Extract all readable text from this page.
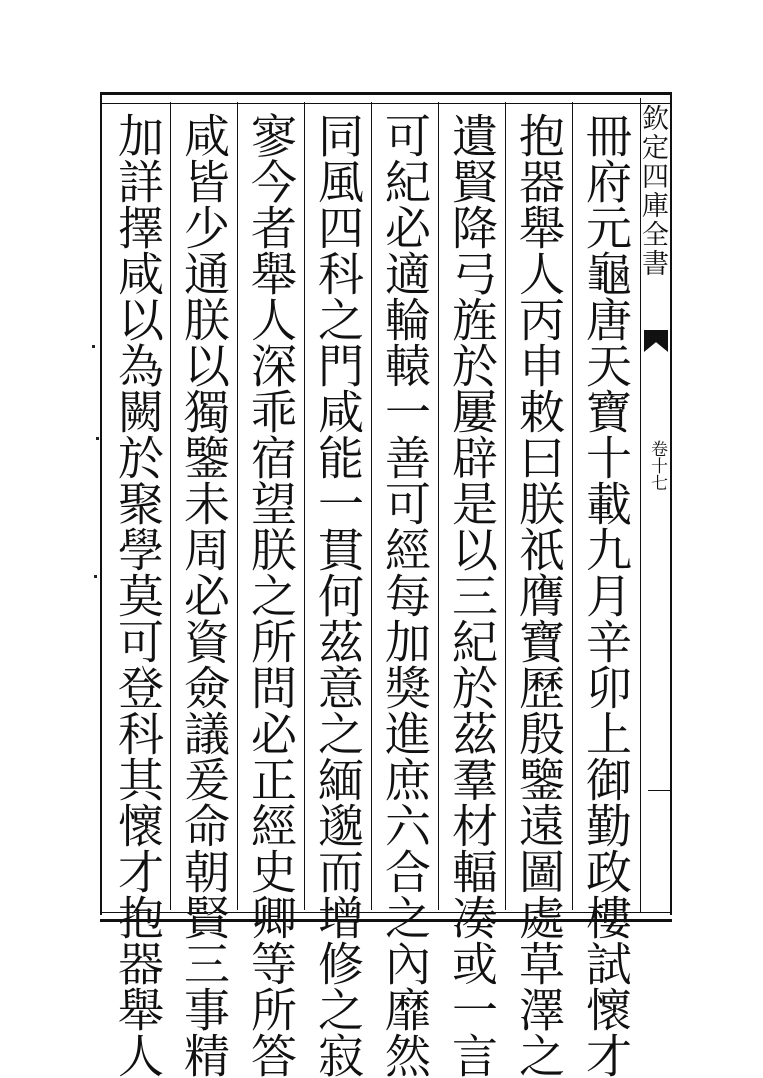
欽定四庫全書
卷十七
冊府元龜唐天寶十載九月辛卯上御勤政樓試懷才
抱器舉人丙申敕曰朕祇膺寶歷殷鑒遠圖處草澤之
遺賢降弓旌於屢辟是以三紀於茲羣材輻凑或一言
可紀必適輪轅一善可經每加獎進庶六合之內靡然
同風四科之門咸能一貫何茲意之緬邈而增修之寂
寥今者舉人深乖宿望朕之所問必正經史卿等所答
咸皆少通朕以獨鑒未周必資僉議爰命朝賢三事精
加詳擇咸以為闕於聚學莫可登科其懷才抱器舉人
